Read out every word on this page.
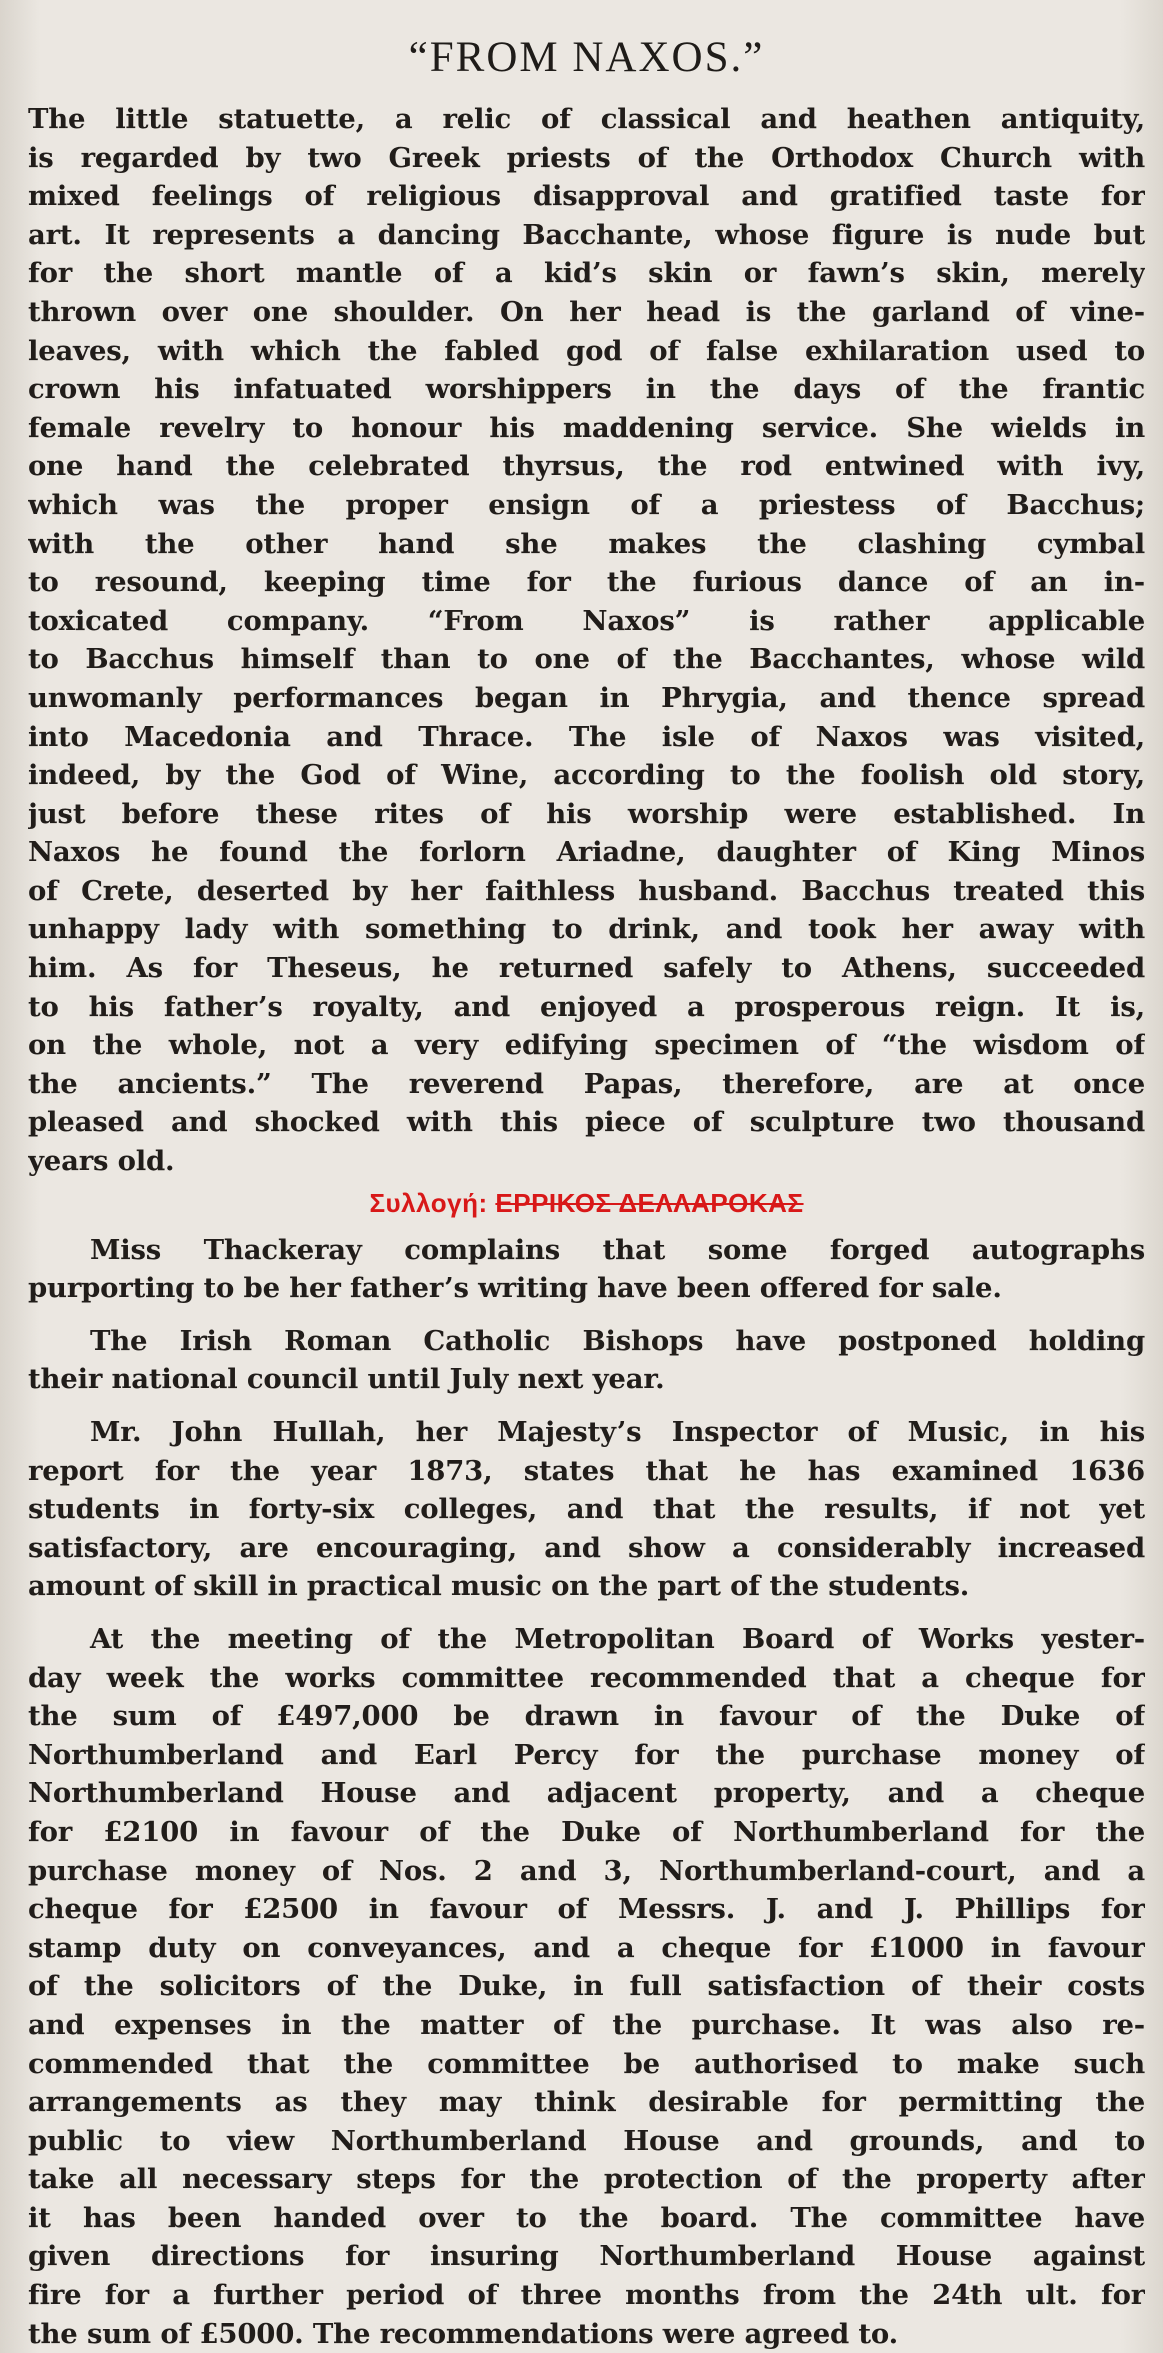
“FROM NAXOS.”

The little statuette, a relic of classical and heathen antiquity,
is regarded by two Greek priests of the Orthodox Church with
mixed feelings of religious disapproval and gratified taste for
art. It represents a dancing Bacchante, whose figure is nude but
for the short mantle of a kid’s skin or fawn’s skin, merely
thrown over one shoulder. On her head is the garland of vine-
leaves, with which the fabled god of false exhilaration used to
crown his infatuated worshippers in the days of the frantic
female revelry to honour his maddening service. She wields in
one hand the celebrated thyrsus, the rod entwined with ivy,
which was the proper ensign of a priestess of Bacchus;
with the other hand she makes the clashing cymbal
to resound, keeping time for the furious dance of an in-
toxicated company. “From Naxos” is rather applicable
to Bacchus himself than to one of the Bacchantes, whose wild
unwomanly performances began in Phrygia, and thence spread
into Macedonia and Thrace. The isle of Naxos was visited,
indeed, by the God of Wine, according to the foolish old story,
just before these rites of his worship were established. In
Naxos he found the forlorn Ariadne, daughter of King Minos
of Crete, deserted by her faithless husband. Bacchus treated this
unhappy lady with something to drink, and took her away with
him. As for Theseus, he returned safely to Athens, succeeded
to his father’s royalty, and enjoyed a prosperous reign. It is,
on the whole, not a very edifying specimen of “the wisdom of
the ancients.” The reverend Papas, therefore, are at once
pleased and shocked with this piece of sculpture two thousand
years old.

Συλλογή: ΕΡΡΙΚΟΣ ΔΕΛΛΑΡΟΚΑΣ

Miss Thackeray complains that some forged autographs
purporting to be her father’s writing have been offered for sale.

The Irish Roman Catholic Bishops have postponed holding
their national council until July next year.

Mr. John Hullah, her Majesty’s Inspector of Music, in his
report for the year 1873, states that he has examined 1636
students in forty-six colleges, and that the results, if not yet
satisfactory, are encouraging, and show a considerably increased
amount of skill in practical music on the part of the students.

At the meeting of the Metropolitan Board of Works yester-
day week the works committee recommended that a cheque for
the sum of £497,000 be drawn in favour of the Duke of
Northumberland and Earl Percy for the purchase money of
Northumberland House and adjacent property, and a cheque
for £2100 in favour of the Duke of Northumberland for the
purchase money of Nos. 2 and 3, Northumberland-court, and a
cheque for £2500 in favour of Messrs. J. and J. Phillips for
stamp duty on conveyances, and a cheque for £1000 in favour
of the solicitors of the Duke, in full satisfaction of their costs
and expenses in the matter of the purchase. It was also re-
commended that the committee be authorised to make such
arrangements as they may think desirable for permitting the
public to view Northumberland House and grounds, and to
take all necessary steps for the protection of the property after
it has been handed over to the board. The committee have
given directions for insuring Northumberland House against
fire for a further period of three months from the 24th ult. for
the sum of £5000. The recommendations were agreed to.
